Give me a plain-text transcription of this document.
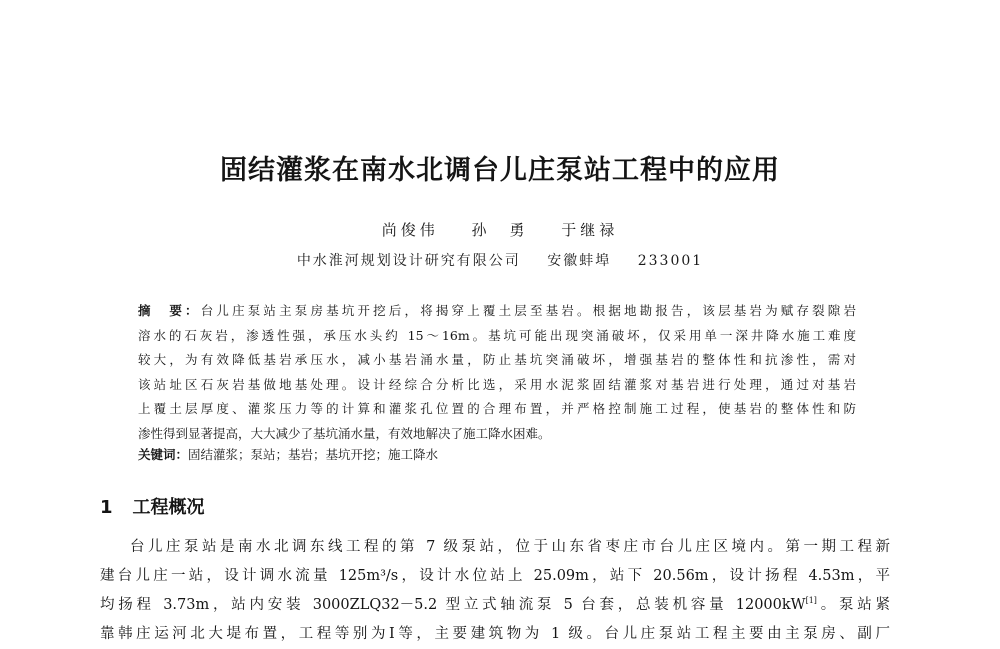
固结灌浆在南水北调台儿庄泵站工程中的应用
尚俊伟 孙　勇 于继禄
中水淮河规划设计研究有限公司 安徽蚌埠 233001
摘　要：台儿庄泵站主泵房基坑开挖后，将揭穿上覆土层至基岩。根据地勘报告，该层基岩为赋存裂隙岩
溶水的石灰岩，渗透性强，承压水头约 15～16m。基坑可能出现突涌破坏，仅采用单一深井降水施工难度
较大，为有效降低基岩承压水，减小基岩涌水量，防止基坑突涌破坏，增强基岩的整体性和抗渗性，需对
该站址区石灰岩基做地基处理。设计经综合分析比选，采用水泥浆固结灌浆对基岩进行处理，通过对基岩
上覆土层厚度、灌浆压力等的计算和灌浆孔位置的合理布置，并严格控制施工过程，使基岩的整体性和防
渗性得到显著提高，大大减少了基坑涌水量，有效地解决了施工降水困难。
关键词：固结灌浆；泵站；基岩；基坑开挖；施工降水
1 工程概况
台儿庄泵站是南水北调东线工程的第 7 级泵站，位于山东省枣庄市台儿庄区境内。第一期工程新
建台儿庄一站，设计调水流量 125m³/s，设计水位站上 25.09m，站下 20.56m，设计扬程 4.53m，平
均扬程 3.73m，站内安装 3000ZLQ32－5.2 型立式轴流泵 5 台套，总装机容量 12000kW[1]。泵站紧
靠韩庄运河北大堤布置，工程等别为Ⅰ等，主要建筑物为 1 级。台儿庄泵站工程主要由主泵房、副厂
